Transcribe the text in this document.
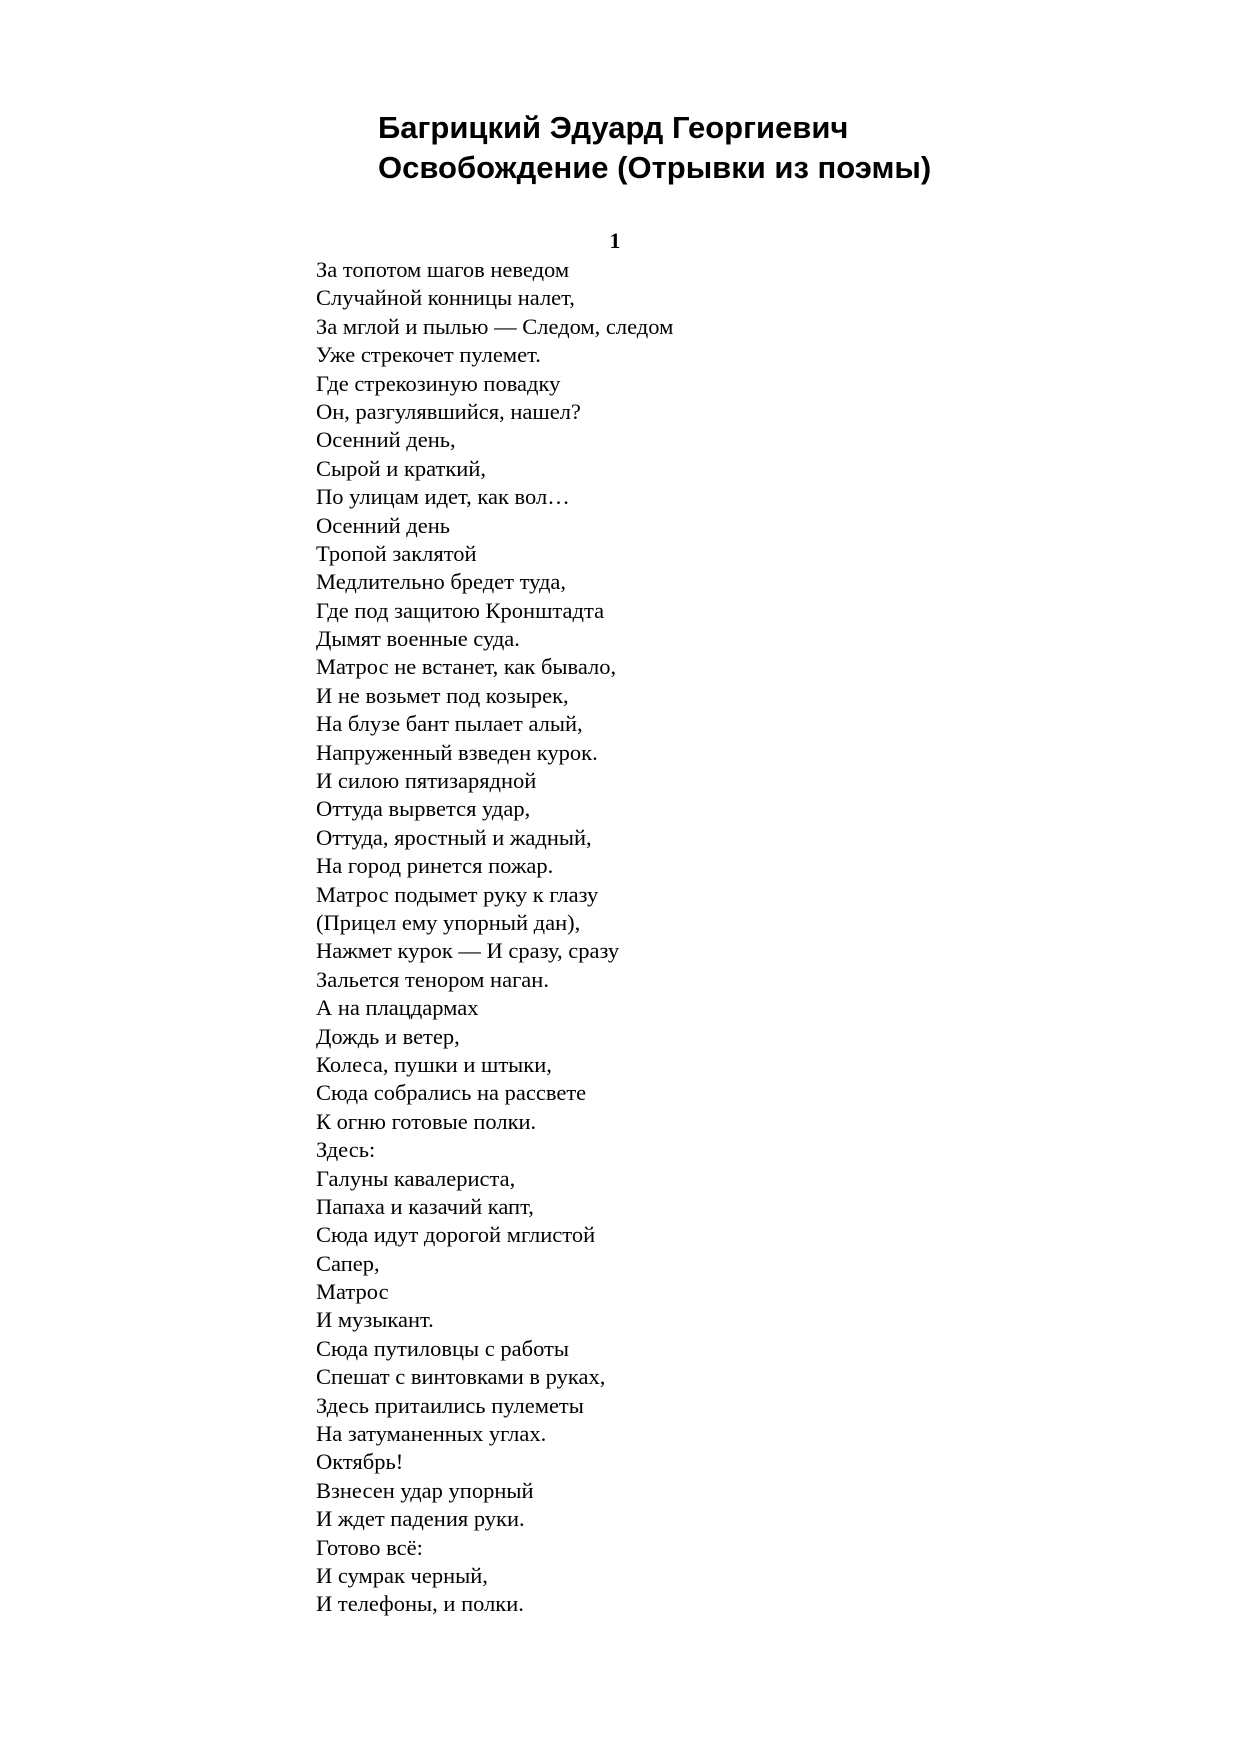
Багрицкий Эдуард Георгиевич
Освобождение (Отрывки из поэмы)
1
За топотом шагов неведом
Случайной конницы налет,
За мглой и пылью — Следом, следом
Уже стрекочет пулемет.
Где стрекозиную повадку
Он, разгулявшийся, нашел?
Осенний день,
Сырой и краткий,
По улицам идет, как вол…
Осенний день
Тропой заклятой
Медлительно бредет туда,
Где под защитою Кронштадта
Дымят военные суда.
Матрос не встанет, как бывало,
И не возьмет под козырек,
На блузе бант пылает алый,
Напруженный взведен курок.
И силою пятизарядной
Оттуда вырвется удар,
Оттуда, яростный и жадный,
На город ринется пожар.
Матрос подымет руку к глазу
(Прицел ему упорный дан),
Нажмет курок — И сразу, сразу
Зальется тенором наган.
А на плацдармах
Дождь и ветер,
Колеса, пушки и штыки,
Сюда собрались на рассвете
К огню готовые полки.
Здесь:
Галуны кавалериста,
Папаха и казачий капт,
Сюда идут дорогой мглистой
Сапер,
Матрос
И музыкант.
Сюда путиловцы с работы
Спешат с винтовками в руках,
Здесь притаились пулеметы
На затуманенных углах.
Октябрь!
Взнесен удар упорный
И ждет падения руки.
Готово всё:
И сумрак черный,
И телефоны, и полки.
